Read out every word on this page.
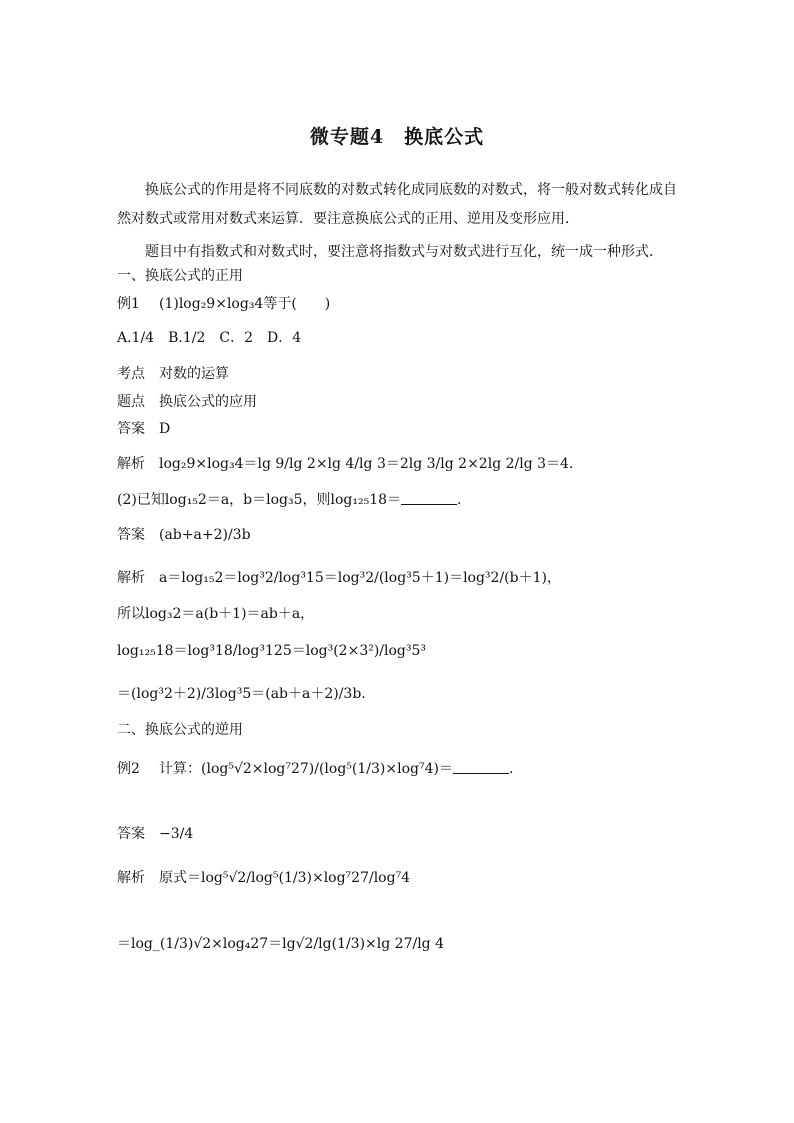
微专题4　换底公式
换底公式的作用是将不同底数的对数式转化成同底数的对数式，将一般对数式转化成自
然对数式或常用对数式来运算．要注意换底公式的正用、逆用及变形应用．
题目中有指数式和对数式时，要注意将指数式与对数式进行互化，统一成一种形式．
一、换底公式的正用
例1 (1)log₂9×log₃4等于(　　)
A.1/4　B.1/2　C．2　D．4
考点 对数的运算
题点 换底公式的应用
答案 D
解析 log₂9×log₃4＝lg 9/lg 2×lg 4/lg 3＝2lg 3/lg 2×2lg 2/lg 3＝4.
(2)已知log₁₅2＝a，b＝log₃5，则log₁₂₅18＝	.
答案 (ab+a+2)/3b
解析 a＝log₁₅2＝log³2/log³15＝log³2/(log³5＋1)＝log³2/(b＋1)，
所以log₃2＝a(b＋1)＝ab＋a，
log₁₂₅18＝log³18/log³125＝log³(2×3²)/log³5³
＝(log³2＋2)/3log³5＝(ab＋a＋2)/3b.
二、换底公式的逆用
例2 计算：(log⁵√2×log⁷27)/(log⁵(1/3)×log⁷4)＝	.
答案 −3/4
解析 原式＝log⁵√2/log⁵(1/3)×log⁷27/log⁷4
＝log_(1/3)√2×log₄27＝lg√2/lg(1/3)×lg 27/lg 4
